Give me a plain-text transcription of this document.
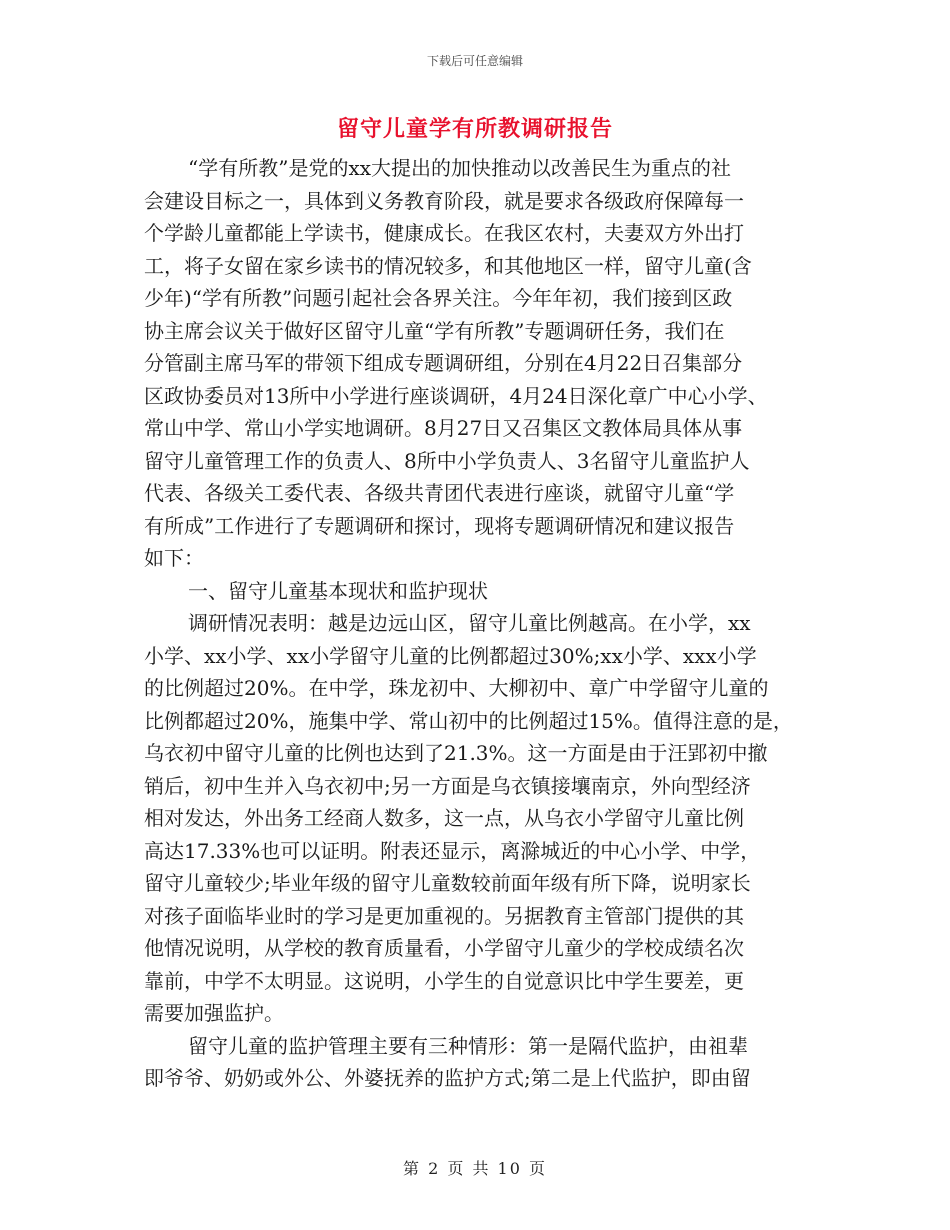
下载后可任意编辑
留守儿童学有所教调研报告

“学有所教”是党的xx大提出的加快推动以改善民生为重点的社
会建设目标之一，具体到义务教育阶段，就是要求各级政府保障每一
个学龄儿童都能上学读书，健康成长。在我区农村，夫妻双方外出打
工，将子女留在家乡读书的情况较多，和其他地区一样，留守儿童(含
少年)“学有所教”问题引起社会各界关注。今年年初，我们接到区政
协主席会议关于做好区留守儿童“学有所教”专题调研任务，我们在
分管副主席马军的带领下组成专题调研组，分别在4月22日召集部分
区政协委员对13所中小学进行座谈调研，4月24日深化章广中心小学、
常山中学、常山小学实地调研。8月27日又召集区文教体局具体从事
留守儿童管理工作的负责人、8所中小学负责人、3名留守儿童监护人
代表、各级关工委代表、各级共青团代表进行座谈，就留守儿童“学
有所成”工作进行了专题调研和探讨，现将专题调研情况和建议报告
如下：

一、留守儿童基本现状和监护现状

调研情况表明：越是边远山区，留守儿童比例越高。在小学，xx
小学、xx小学、xx小学留守儿童的比例都超过30%;xx小学、xxx小学
的比例超过20%。在中学，珠龙初中、大柳初中、章广中学留守儿童的
比例都超过20%，施集中学、常山初中的比例超过15%。值得注意的是，
乌衣初中留守儿童的比例也达到了21.3%。这一方面是由于汪郢初中撤
销后，初中生并入乌衣初中;另一方面是乌衣镇接壤南京，外向型经济
相对发达，外出务工经商人数多，这一点，从乌衣小学留守儿童比例
高达17.33%也可以证明。附表还显示，离滁城近的中心小学、中学，
留守儿童较少;毕业年级的留守儿童数较前面年级有所下降，说明家长
对孩子面临毕业时的学习是更加重视的。另据教育主管部门提供的其
他情况说明，从学校的教育质量看，小学留守儿童少的学校成绩名次
靠前，中学不太明显。这说明，小学生的自觉意识比中学生要差，更
需要加强监护。

留守儿童的监护管理主要有三种情形：第一是隔代监护，由祖辈
即爷爷、奶奶或外公、外婆抚养的监护方式;第二是上代监护，即由留

第 2 页 共 10 页
